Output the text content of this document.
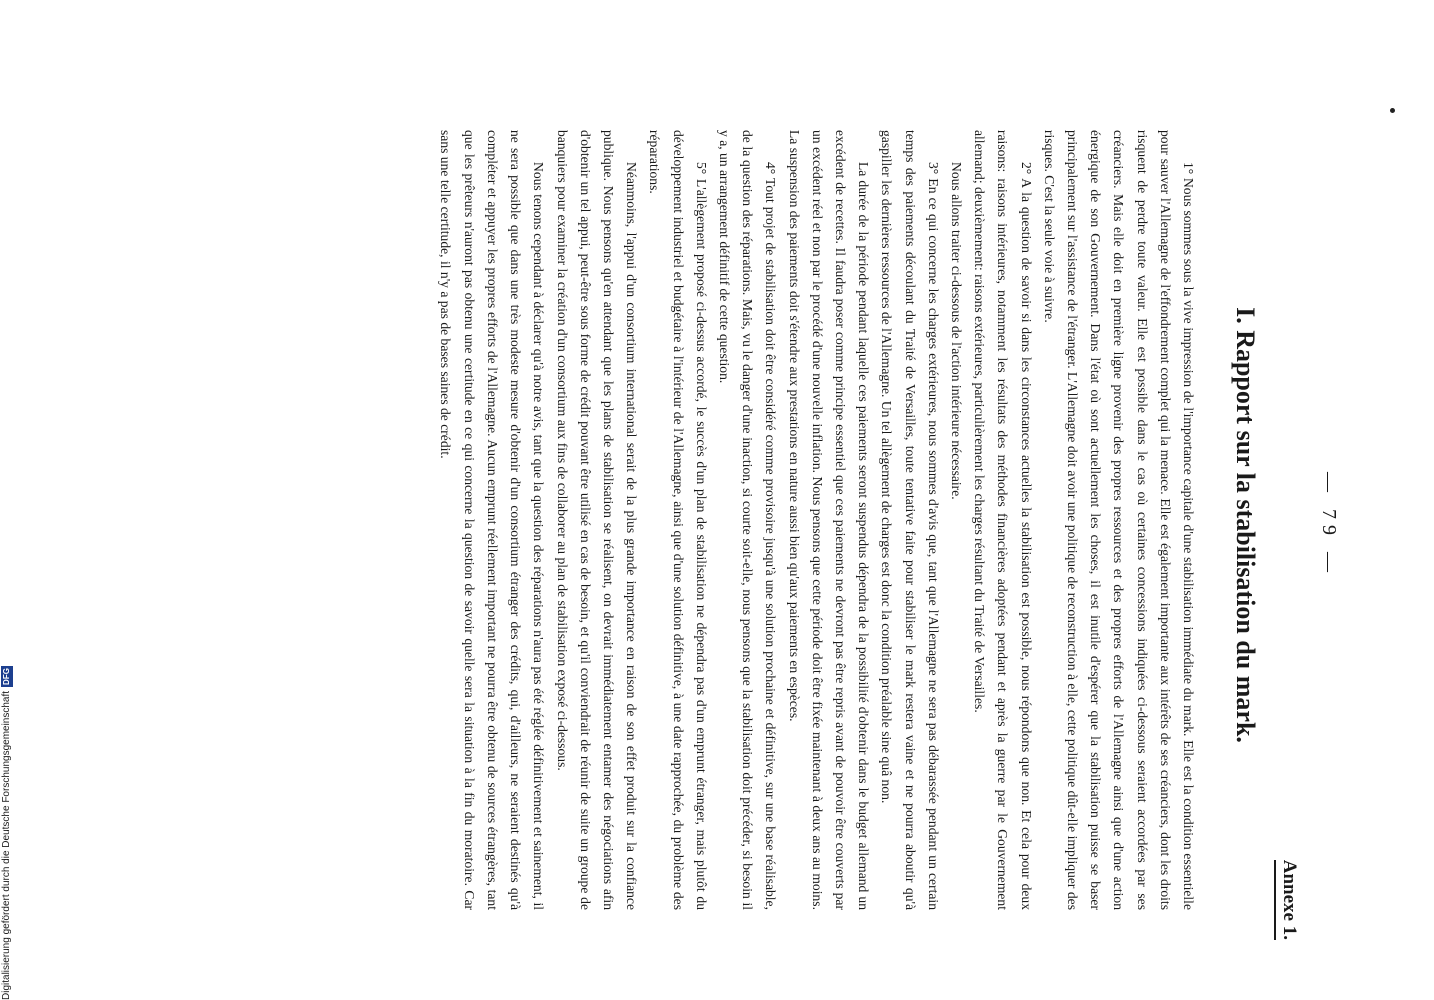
— 79 —
Annexe 1.
I. Rapport sur la stabilisation du mark.

1° Nous sommes sous la vive impression de l'importance capitale d'une stabilisation immédiate du mark. Elle est la condition essentielle pour sauver l'Allemagne de l'effondrement complet qui la menace. Elle est également importante aux intérêts de ses créanciers, dont les droits risquent de perdre toute valeur. Elle est possible dans le cas où certaines concessions indiquées ci-dessous seraient accordées par ses créanciers. Mais elle doit en première ligne provenir des propres ressources et des propres efforts de l'Allemagne ainsi que d'une action énergique de son Gouvernement. Dans l'état où sont actuellement les choses, il est inutile d'espérer que la stabilisation puisse se baser principalement sur l'assistance de l'étranger. L'Allemagne doit avoir une politique de reconstruction à elle, cette politique dût-elle impliquer des risques. C'est la seule voie à suivre.

2° A la question de savoir si dans les circonstances actuelles la stabilisation est possible, nous répondons que non. Et cela pour deux raisons: raisons intérieures, notamment les résultats des méthodes financières adoptées pendant et après la guerre par le Gouvernement allemand; deuxièmement: raisons extérieures, particulièrement les charges résultant du Traité de Versailles.

Nous allons traiter ci-dessous de l'action intérieure nécessaire.

3° En ce qui concerne les charges extérieures, nous sommes d'avis que, tant que l'Allemagne ne sera pas débarassée pendant un certain temps des paiements découlant du Traité de Versailles, toute tentative faite pour stabiliser le mark restera vaine et ne pourra aboutir qu'à gaspiller les dernières ressources de l'Allemagne. Un tel allègement de charges est donc la condition préalable sine quâ non.

La durée de la période pendant laquelle ces paiements seront suspendus dépendra de la possibilité d'obtenir dans le budget allemand un excédent de recettes. Il faudra poser comme principe essentiel que ces paiements ne devront pas être repris avant de pouvoir être couverts par un excédent réel et non par le procédé d'une nouvelle inflation. Nous pensons que cette période doit être fixée maintenant à deux ans au moins. La suspension des paiements doit s'étendre aux prestations en nature aussi bien qu'aux paiements en espèces.

4° Tout projet de stabilisation doit être considéré comme provisoire jusqu'à une solution prochaine et définitive, sur une base réalisable, de la question des réparations. Mais, vu le danger d'une inaction, si courte soit-elle, nous pensons que la stabilisation doit précéder, si besoin il y a, un arrangement définitif de cette question.

5° L'allègement proposé ci-dessus accordé, le succès d'un plan de stabilisation ne dépendra pas d'un emprunt étranger, mais plutôt du développement industriel et budgétaire à l'intérieur de l'Allemagne, ainsi que d'une solution définitive, à une date rapprochée, du problème des réparations.

Néanmoins, l'appui d'un consortium international serait de la plus grande importance en raison de son effet produit sur la confiance publique. Nous pensons qu'en attendant que les plans de stabilisation se réalisent, on devrait immédiatement entamer des négociations afin d'obtenir un tel appui, peut-être sous forme de crédit pouvant être utilisé en cas de besoin, et qu'il conviendrait de réunir de suite un groupe de banquiers pour examiner la création d'un consortium aux fins de collaborer au plan de stabilisation exposé ci-dessous.

Nous tenons cependant à déclarer qu'à notre avis, tant que la question des réparations n'aura pas été réglée définitivement et sainement, il ne sera possible que dans une très modeste mesure d'obtenir d'un consortium étranger des crédits, qui, d'ailleurs, ne seraient destinés qu'à compléter et appuyer les propres efforts de l'Allemagne. Aucun emprunt réellement important ne pourra être obtenu de sources étrangères, tant que les prêteurs n'auront pas obtenu une certitude en ce qui concerne la question de savoir quelle sera la situation à la fin du moratoire. Car sans une telle certitude, il n'y a pas de bases saines de crédit.

Digitalisierung gefördert durch die Deutsche Forschungsgemeinschaft
DFG
